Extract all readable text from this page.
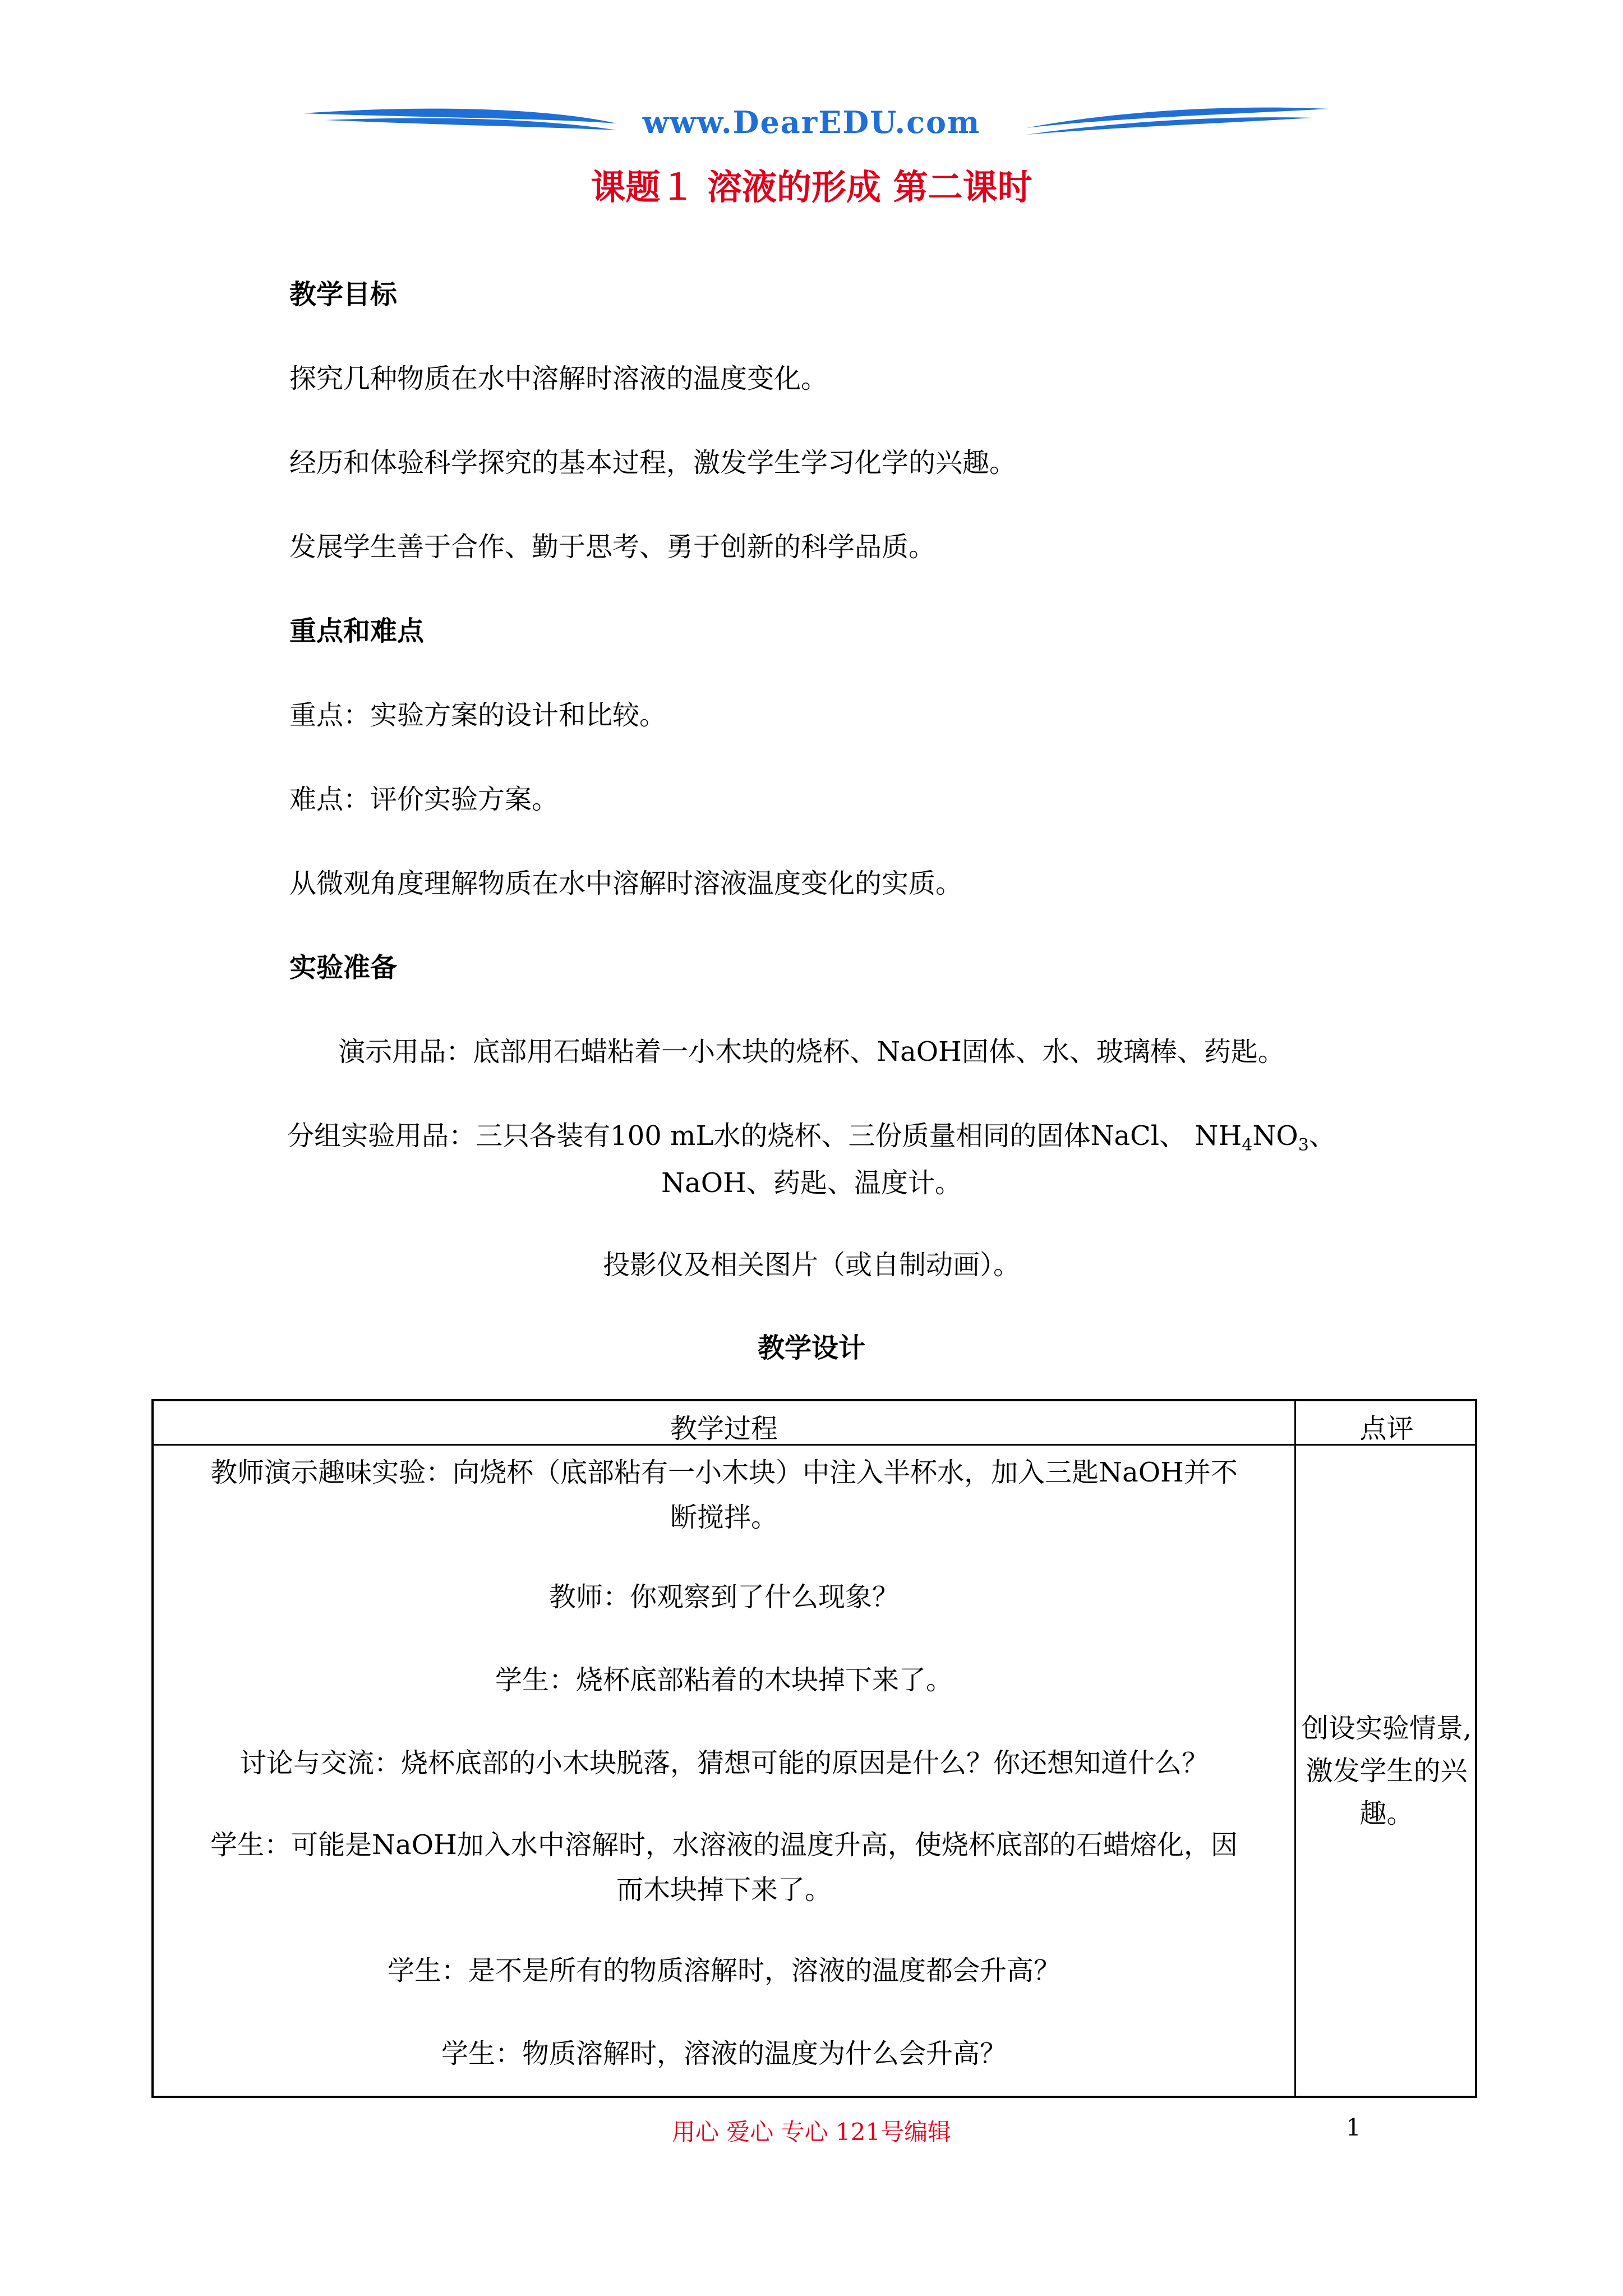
www.DearEDU.com
课题１ 溶液的形成 第二课时
教学目标
探究几种物质在水中溶解时溶液的温度变化。
经历和体验科学探究的基本过程，激发学生学习化学的兴趣。
发展学生善于合作、勤于思考、勇于创新的科学品质。
重点和难点
重点：实验方案的设计和比较。
难点：评价实验方案。
从微观角度理解物质在水中溶解时溶液温度变化的实质。
实验准备
演示用品：底部用石蜡粘着一小木块的烧杯、NaOH固体、水、玻璃棒、药匙。
分组实验用品：三只各装有100 mL水的烧杯、三份质量相同的固体NaCl、 $NH_4NO_3$、
NaOH、药匙、温度计。
投影仪及相关图片（或自制动画）。
教学设计
教学过程	点评
教师演示趣味实验：向烧杯（底部粘有一小木块）中注入半杯水，加入三匙NaOH并不
断搅拌。
教师：你观察到了什么现象？
学生：烧杯底部粘着的木块掉下来了。
讨论与交流：烧杯底部的小木块脱落，猜想可能的原因是什么？你还想知道什么？
学生：可能是NaOH加入水中溶解时，水溶液的温度升高，使烧杯底部的石蜡熔化，因
而木块掉下来了。
学生：是不是所有的物质溶解时，溶液的温度都会升高？
学生：物质溶解时，溶液的温度为什么会升高？
创设实验情景,
激发学生的兴
趣。
用心 爱心 专心 121号编辑	1
